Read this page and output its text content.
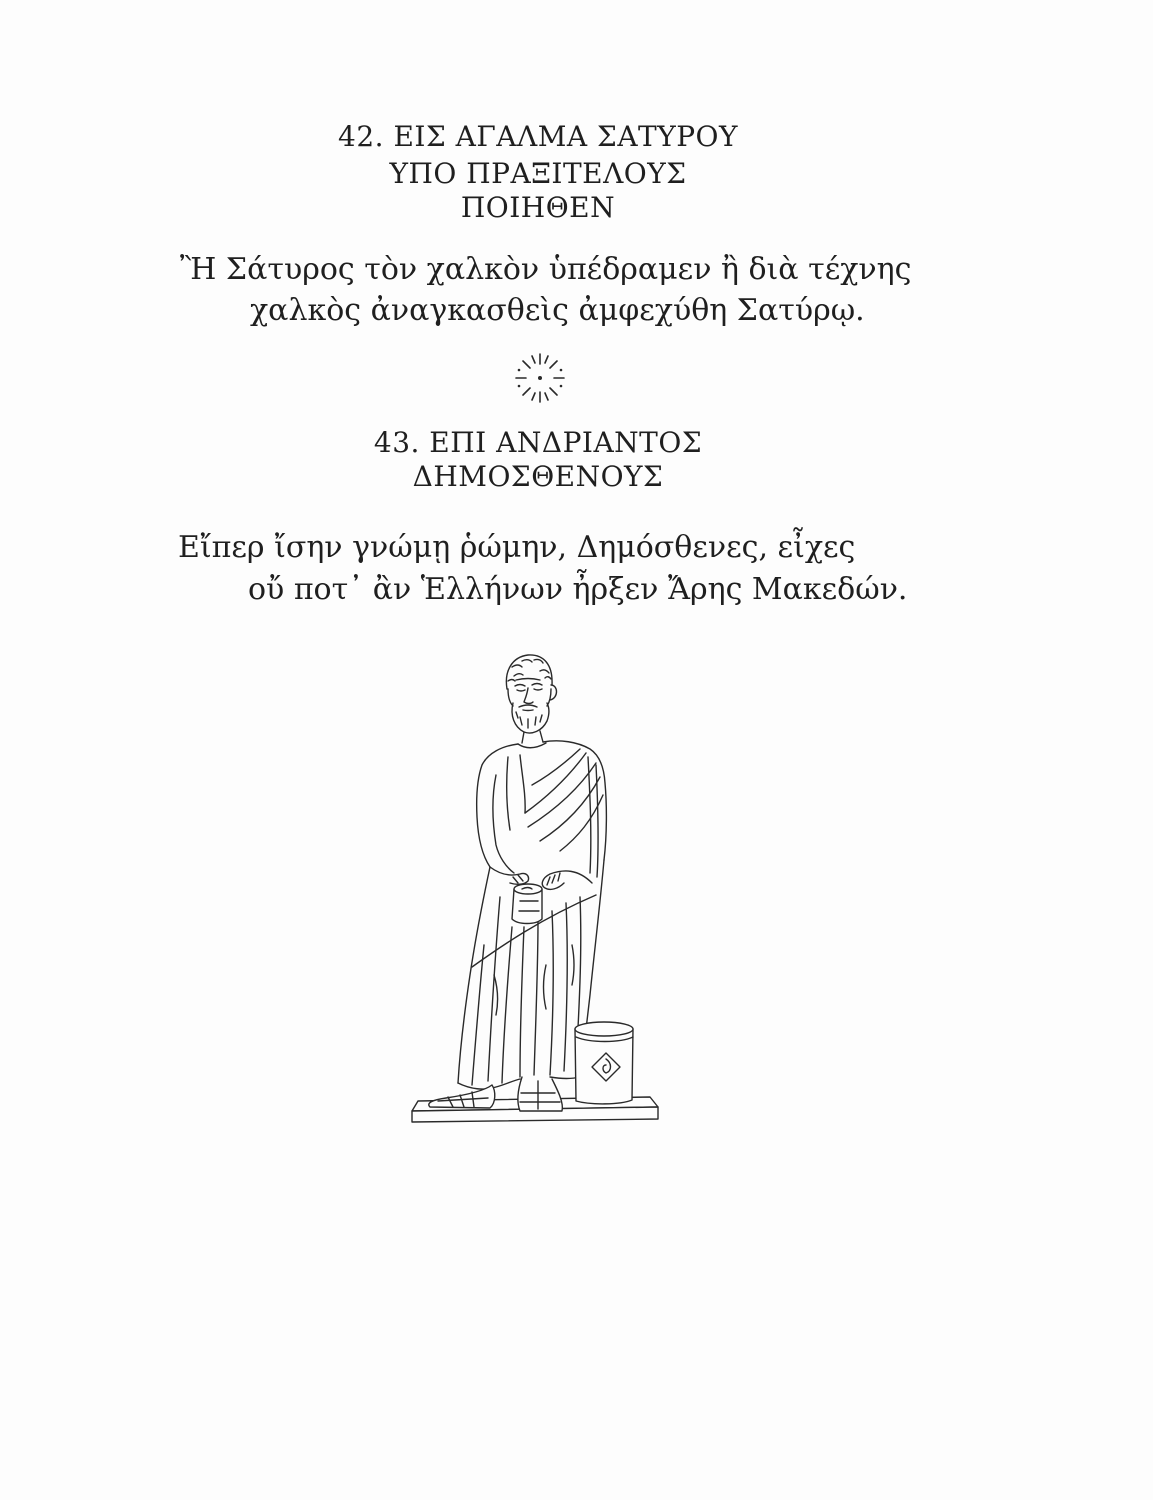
42. ΕΙΣ ΑΓΑΛΜΑ ΣΑΤΥΡΟΥ
ΥΠΟ ΠΡΑΞΙΤΕΛΟΥΣ
ΠΟΙΗΘΕΝ
Ἢ Σάτυρος τὸν χαλκὸν ὑπέδραμεν ἢ διὰ τέχνης
χαλκὸς ἀναγκασθεὶς ἀμφεχύθη Σατύρῳ.
43. ΕΠΙ ΑΝΔΡΙΑΝΤΟΣ
ΔΗΜΟΣΘΕΝΟΥΣ
Εἴπερ ἴσην γνώμῃ ῥώμην, Δημόσθενες, εἶχες
οὔ ποτ᾽ ἂν Ἑλλήνων ἦρξεν Ἄρης Μακεδών.
